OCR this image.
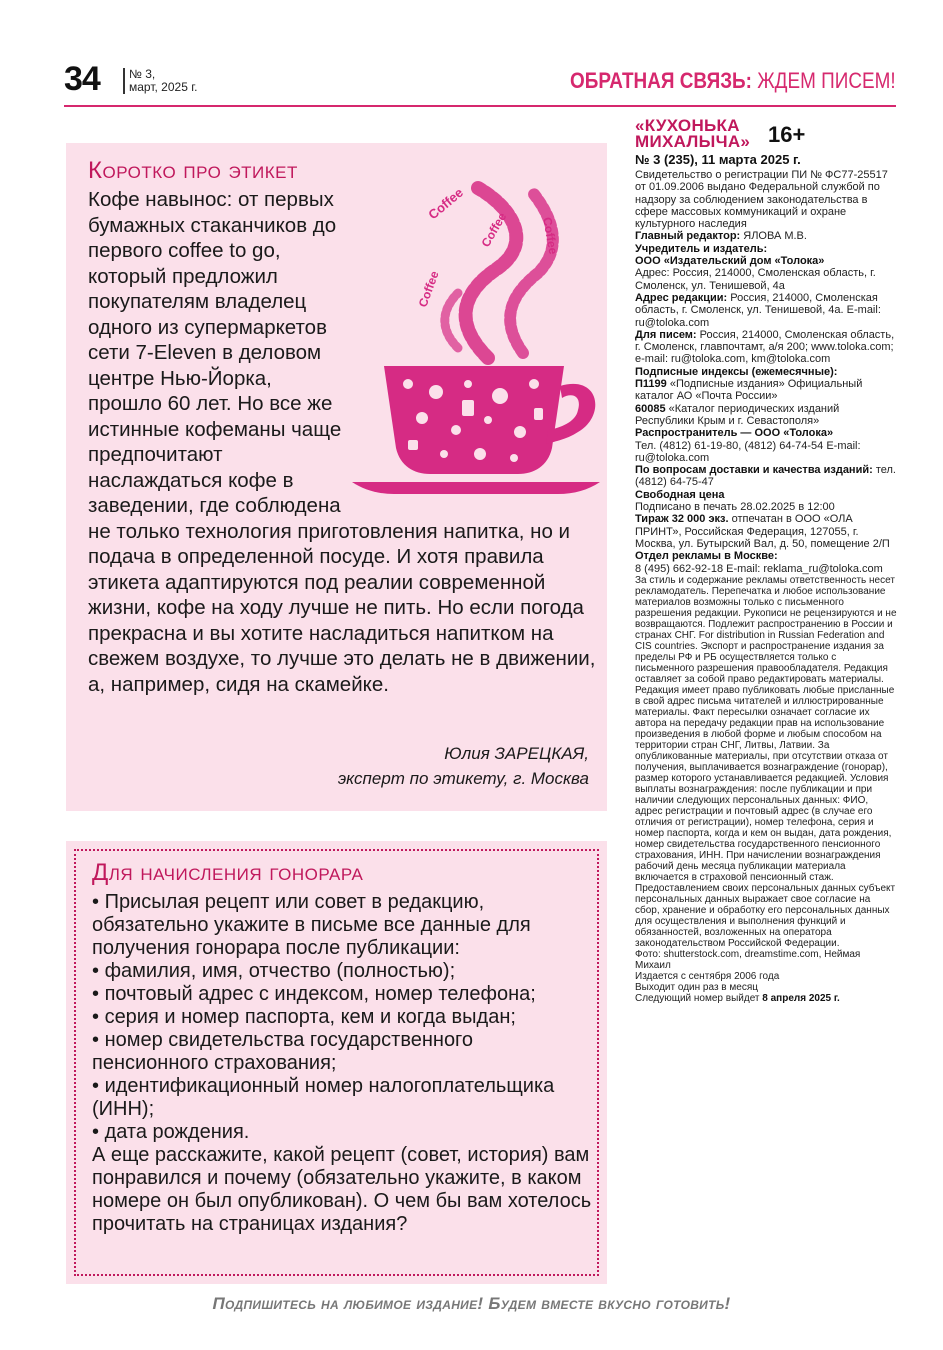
34 № 3,
март, 2025 г.	ОБРАТНАЯ СВЯЗЬ: ЖДЕМ ПИСЕМ!
Коротко про этикет
Кофе навынос: от первых бумажных стаканчиков до первого coffee to go, который предложил покупателям владелец одного из супермаркетов сети 7-Eleven в деловом центре Нью-Йорка, прошло 60 лет. Но все же истинные кофеманы чаще предпочитают наслаждаться кофе в заведении, где соблюдена не только технология приготовления напитка, но и подача в определенной посуде. И хотя правила этикета адаптируются под реалии современной жизни, кофе на ходу лучше не пить. Но если погода прекрасна и вы хотите насладиться напитком на свежем воздухе, то лучше это делать не в движении, а, например, сидя на скамейке.
Юлия ЗАРЕЦКАЯ,
эксперт по этикету, г. Москва
Coffee
Coffee
Coffee
Coffee
Для начисления гонорара

• Присылая рецепт или совет в редакцию, обязательно укажите в письме все данные для получения гонорара после публикации:

• фамилия, имя, отчество (полностью);
• почтовый адрес с индексом, номер телефона;
• серия и номер паспорта, кем и когда выдан;
• номер свидетельства государственного пенсионного страхования;
• идентификационный номер налогоплательщика (ИНН);
• дата рождения.
А еще расскажите, какой рецепт (совет, история) вам понравился и почему (обязательно укажите, в каком номере он был опубликован). О чем бы вам хотелось прочитать на страницах издания?
«КУХОНЬКА
МИХАЛЫЧА» 16+
№ 3 (235), 11 марта 2025 г.

Свидетельство о регистрации ПИ № ФС77-25517 от 01.09.2006 выдано Федеральной службой по надзору за соблюдением законодательства в сфере массовых коммуникаций и охране культурного наследия

Главный редактор: ЯЛОВА М.В.

Учредитель и издатель:

ООО «Издательский дом «Толока»

Адрес: Россия, 214000, Смоленская область, г. Смоленск, ул. Тенишевой, 4а

Адрес редакции: Россия, 214000, Смоленская область, г. Смоленск, ул. Тенишевой, 4а. E-mail: ru@toloka.com

Для писем: Россия, 214000, Смоленская область, г. Смоленск, главпочтамт, а/я 200; www.toloka.com; e-mail: ru@toloka.com, km@toloka.com

Подписные индексы (ежемесячные):

П1199 «Подписные издания» Официальный каталог АО «Почта России»

60085 «Каталог периодических изданий Республики Крым и г. Севастополя»

Распространитель — ООО «Толока»

Тел. (4812) 61-19-80, (4812) 64-74-54 E-mail: ru@toloka.com

По вопросам доставки и качества изданий: тел. (4812) 64-75-47

Свободная цена

Подписано в печать 28.02.2025 в 12:00

Тираж 32 000 экз. отпечатан в ООО «ОЛА ПРИНТ», Российская Федерация, 127055, г. Москва, ул. Бутырский Вал, д. 50, помещение 2/П

Отдел рекламы в Москве:

8 (495) 662-92-18 E-mail: reklama_ru@toloka.com

За стиль и содержание рекламы ответственность несет рекламодатель. Перепечатка и любое использование материалов возможны только с письменного разрешения редакции. Рукописи не рецензируются и не возвращаются. Подлежит распространению в России и странах СНГ. For distribution in Russian Federation and CIS countries. Экспорт и распространение издания за пределы РФ и РБ осуществляется только с письменного разрешения правообладателя. Редакция оставляет за собой право редактировать материалы. Редакция имеет право публиковать любые присланные в свой адрес письма читателей и иллюстрированные материалы. Факт пересылки означает согласие их автора на передачу редакции прав на использование произведения в любой форме и любым способом на территории стран СНГ, Литвы, Латвии. За опубликованные материалы, при отсутствии отказа от получения, выплачивается вознаграждение (гонорар), размер которого устанавливается редакцией. Условия выплаты вознаграждения: после публикации и при наличии следующих персональных данных: ФИО, адрес регистрации и почтовый адрес (в случае его отличия от регистрации), номер телефона, серия и номер паспорта, когда и кем он выдан, дата рождения, номер свидетельства государственного пенсионного страхования, ИНН. При начислении вознаграждения рабочий день месяца публикации материала включается в страховой пенсионный стаж. Предоставлением своих персональных данных субъект персональных данных выражает свое согласие на сбор, хранение и обработку его персональных данных для осуществления и выполнения функций и обязанностей, возложенных на оператора законодательством Российской Федерации.

Фото: shutterstock.com, dreamstime.com, Неймая Михаил

Издается с сентября 2006 года

Выходит один раз в месяц

Следующий номер выйдет 8 апреля 2025 г.

Подпишитесь на любимое издание! Будем вместе вкусно готовить!
